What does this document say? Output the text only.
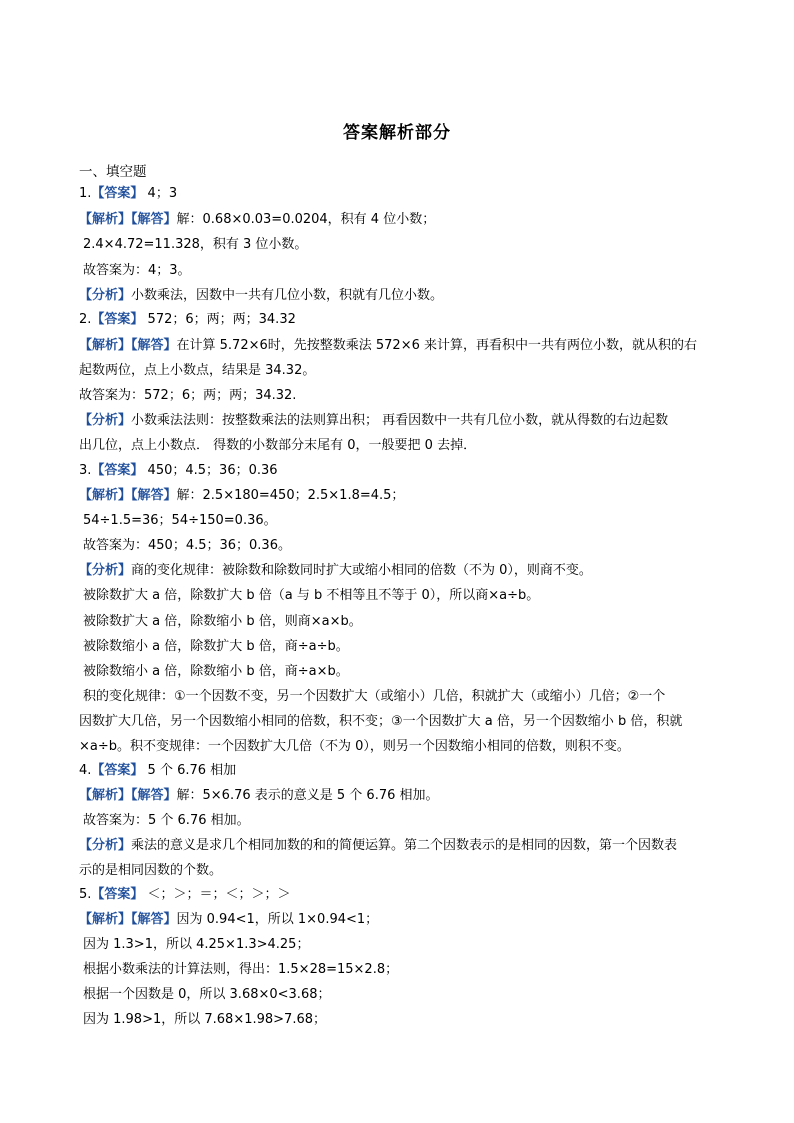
答案解析部分
一、填空题
1.【答案】 4；3
【解析】【解答】解：0.68×0.03=0.0204，积有 4 位小数；
2.4×4.72=11.328，积有 3 位小数。
故答案为：4；3。
【分析】小数乘法，因数中一共有几位小数，积就有几位小数。
2.【答案】 572；6；两；两；34.32
【解析】【解答】在计算 5.72×6时，先按整数乘法 572×6 来计算，再看积中一共有两位小数，就从积的右
起数两位，点上小数点，结果是 34.32。
故答案为：572；6；两；两；34.32.
【分析】小数乘法法则：按整数乘法的法则算出积； 再看因数中一共有几位小数，就从得数的右边起数
出几位，点上小数点． 得数的小数部分末尾有 0，一般要把 0 去掉．
3.【答案】 450；4.5；36；0.36
【解析】【解答】解：2.5×180=450；2.5×1.8=4.5；
54÷1.5=36；54÷150=0.36。
故答案为：450；4.5；36；0.36。
【分析】商的变化规律：被除数和除数同时扩大或缩小相同的倍数（不为 0），则商不变。
被除数扩大 a 倍，除数扩大 b 倍（a 与 b 不相等且不等于 0），所以商×a÷b。
被除数扩大 a 倍，除数缩小 b 倍，则商×a×b。
被除数缩小 a 倍，除数扩大 b 倍，商÷a÷b。
被除数缩小 a 倍，除数缩小 b 倍，商÷a×b。
积的变化规律：①一个因数不变，另一个因数扩大（或缩小）几倍，积就扩大（或缩小）几倍；②一个
因数扩大几倍，另一个因数缩小相同的倍数，积不变；③一个因数扩大 a 倍，另一个因数缩小 b 倍，积就
×a÷b。积不变规律：一个因数扩大几倍（不为 0），则另一个因数缩小相同的倍数，则积不变。
4.【答案】 5 个 6.76 相加
【解析】【解答】解：5×6.76 表示的意义是 5 个 6.76 相加。
故答案为：5 个 6.76 相加。
【分析】乘法的意义是求几个相同加数的和的简便运算。第二个因数表示的是相同的因数，第一个因数表
示的是相同因数的个数。
5.【答案】 ＜；＞；＝；＜；＞；＞
【解析】【解答】因为 0.94<1，所以 1×0.94<1；
因为 1.3>1，所以 4.25×1.3>4.25；
根据小数乘法的计算法则，得出：1.5×28=15×2.8；
根据一个因数是 0，所以 3.68×0<3.68；
因为 1.98>1，所以 7.68×1.98>7.68；
